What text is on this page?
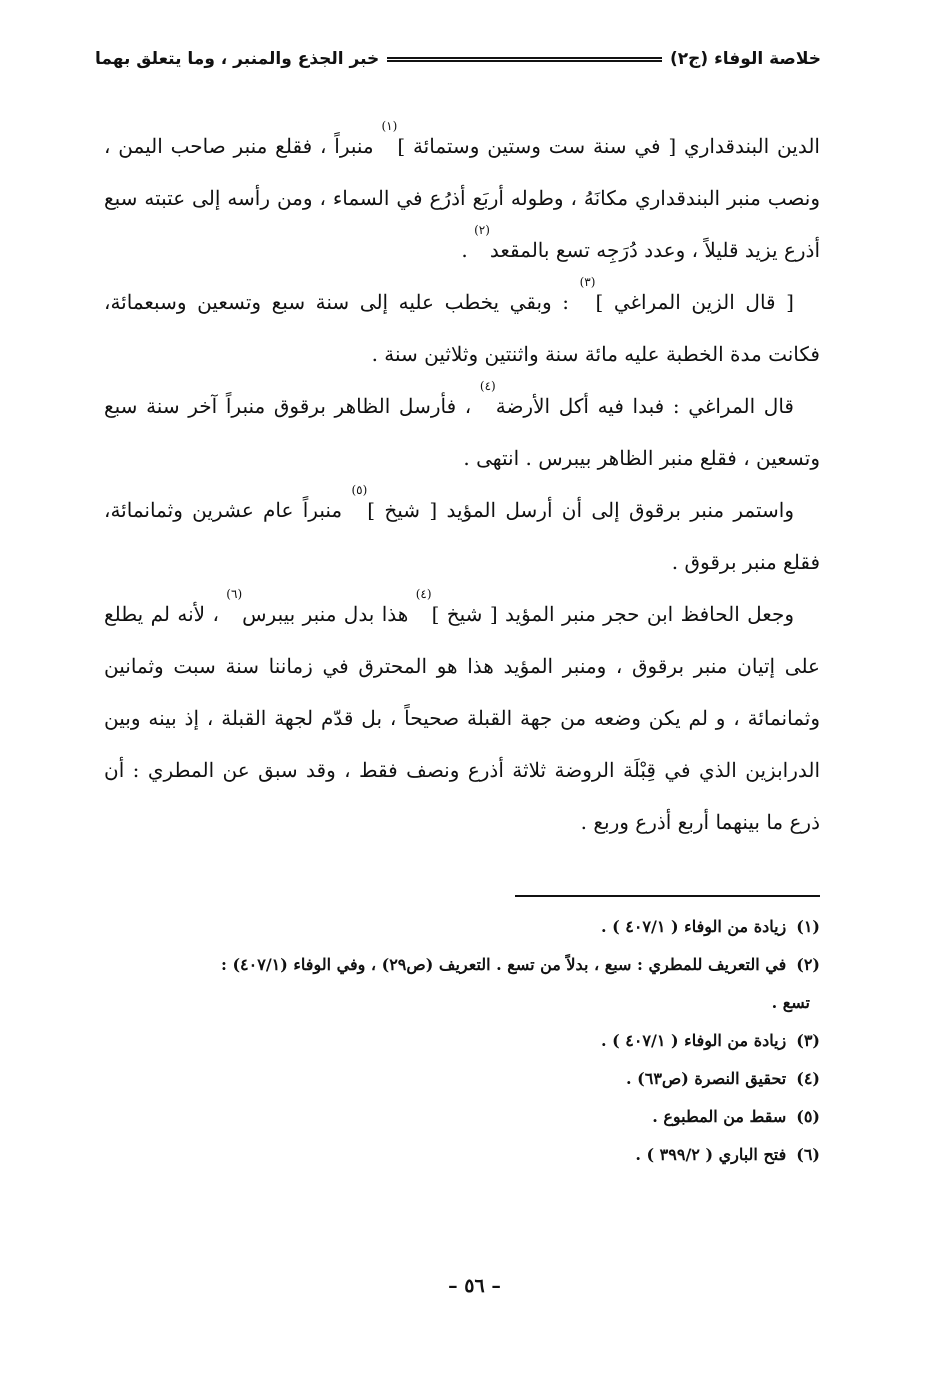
خلاصة الوفاء (ج٢)
خبر الجذع والمنبر ، وما يتعلق بهما

الدين البندقداري [ في سنة ست وستين وستمائة ]$^{(١)}$ منبراً ، فقلع منبر صاحب اليمن ، ونصب منبر البندقداري مكانَهُ ، وطوله أربَع أذرُع في السماء ، ومن رأسه إلى عتبته سبع أذرع يزيد قليلاً ، وعدد دُرَجِه تسع بالمقعد$^{(٢)}$ .

[ قال الزين المراغي ]$^{(٣)}$ : وبقي يخطب عليه إلى سنة سبع وتسعين وسبعمائة، فكانت مدة الخطبة عليه مائة سنة واثنتين وثلاثين سنة .

قال المراغي : فبدا فيه أكل الأرضة$^{(٤)}$ ، فأرسل الظاهر برقوق منبراً آخر سنة سبع وتسعين ، فقلع منبر الظاهر بيبرس . انتهى .

واستمر منبر برقوق إلى أن أرسل المؤيد [ شيخ ]$^{(٥)}$ منبراً عام عشرين وثمانمائة، فقلع منبر برقوق .

وجعل الحافظ ابن حجر منبر المؤيد [ شيخ ]$^{(٤)}$ هذا بدل منبر بيبرس$^{(٦)}$ ، لأنه لم يطلع على إتيان منبر برقوق ، ومنبر المؤيد هذا هو المحترق في زماننا سنة سبت وثمانين وثمانمائة ، و لم يكن وضعه من جهة القبلة صحيحاً ، بل قدّم لجهة القبلة ، إذ بينه وبين الدرابزين الذي في قِبْلَة الروضة ثلاثة أذرع ونصف فقط ، وقد سبق عن المطري : أن ذرع ما بينهما أربع أذرع وربع .

(١)
زيادة من الوفاء ( ٤٠٧/١ ) .
(٢)
في التعريف للمطري : سبع ، بدلاً من تسع . التعريف (ص٢٩) ، وفي الوفاء (٤٠٧/١) :
تسع .
(٣)
زيادة من الوفاء ( ٤٠٧/١ ) .
(٤)
تحقيق النصرة (ص٦٣) .
(٥)
سقط من المطبوع .
(٦)
فتح الباري ( ٣٩٩/٢ ) .
– ٥٦ –
